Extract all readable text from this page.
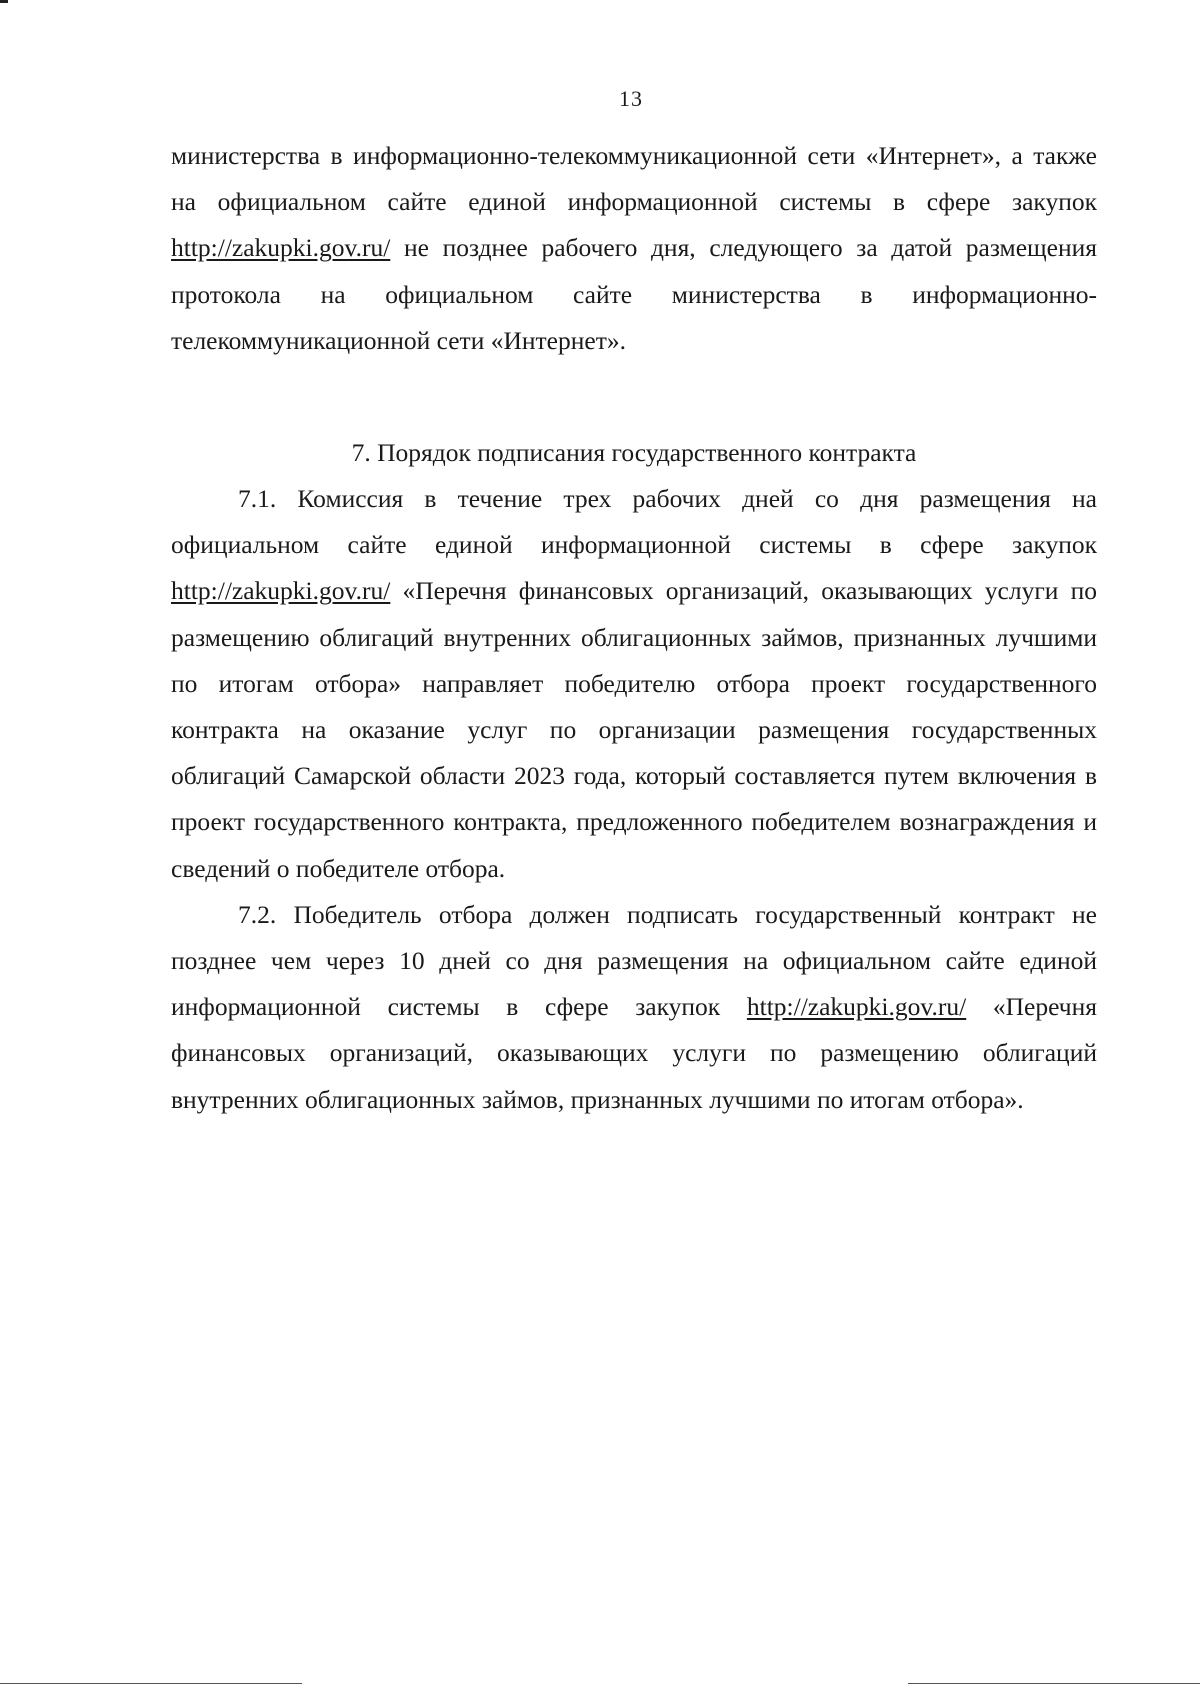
13

министерства в информационно-телекоммуникационной сети «Интернет», а также на официальном сайте единой информационной системы в сфере закупок http://zakupki.gov.ru/ не позднее рабочего дня, следующего за датой размещения протокола на официальном сайте министерства в информационно-телекоммуникационной сети «Интернет».

7. Порядок подписания государственного контракта

7.1. Комиссия в течение трех рабочих дней со дня размещения на официальном сайте единой информационной системы в сфере закупок http://zakupki.gov.ru/ «Перечня финансовых организаций, оказывающих услуги по размещению облигаций внутренних облигационных займов, признанных лучшими по итогам отбора» направляет победителю отбора проект государственного контракта на оказание услуг по организации размещения государственных облигаций Самарской области 2023 года, который составляется путем включения в проект государственного контракта, предложенного победителем вознаграждения и сведений о победителе отбора.

7.2. Победитель отбора должен подписать государственный контракт не позднее чем через 10 дней со дня размещения на официальном сайте единой информационной системы в сфере закупок http://zakupki.gov.ru/ «Перечня финансовых организаций, оказывающих услуги по размещению облигаций внутренних облигационных займов, признанных лучшими по итогам отбора».
